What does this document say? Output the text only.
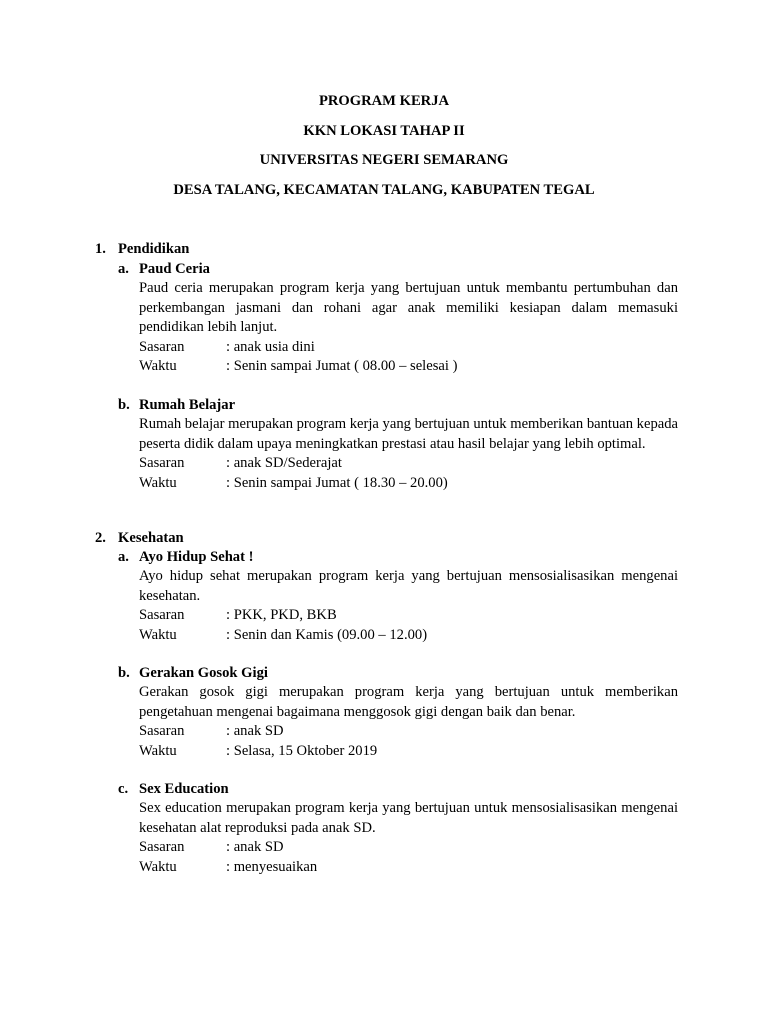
PROGRAM KERJA
KKN LOKASI TAHAP II
UNIVERSITAS NEGERI SEMARANG
DESA TALANG, KECAMATAN TALANG, KABUPATEN TEGAL
1. Pendidikan
a. Paud Ceria
Paud ceria merupakan program kerja yang bertujuan untuk membantu pertumbuhan dan perkembangan jasmani dan rohani agar anak memiliki kesiapan dalam memasuki pendidikan lebih lanjut.
Sasaran	: anak usia dini
Waktu	: Senin sampai Jumat ( 08.00 – selesai )
b. Rumah Belajar
Rumah belajar merupakan program kerja yang bertujuan untuk memberikan bantuan kepada peserta didik dalam upaya meningkatkan prestasi atau hasil belajar yang lebih optimal.
Sasaran	: anak SD/Sederajat
Waktu	: Senin sampai Jumat ( 18.30 – 20.00)
2. Kesehatan
a. Ayo Hidup Sehat !
Ayo hidup sehat merupakan program kerja yang bertujuan mensosialisasikan mengenai kesehatan.
Sasaran	: PKK, PKD, BKB
Waktu	: Senin dan Kamis (09.00 – 12.00)
b. Gerakan Gosok Gigi
Gerakan gosok gigi merupakan program kerja yang bertujuan untuk memberikan pengetahuan mengenai bagaimana menggosok gigi dengan baik dan benar.
Sasaran	: anak SD
Waktu	: Selasa, 15 Oktober 2019
c. Sex Education
Sex education merupakan program kerja yang bertujuan untuk mensosialisasikan mengenai kesehatan alat reproduksi pada anak SD.
Sasaran	: anak SD
Waktu	: menyesuaikan
